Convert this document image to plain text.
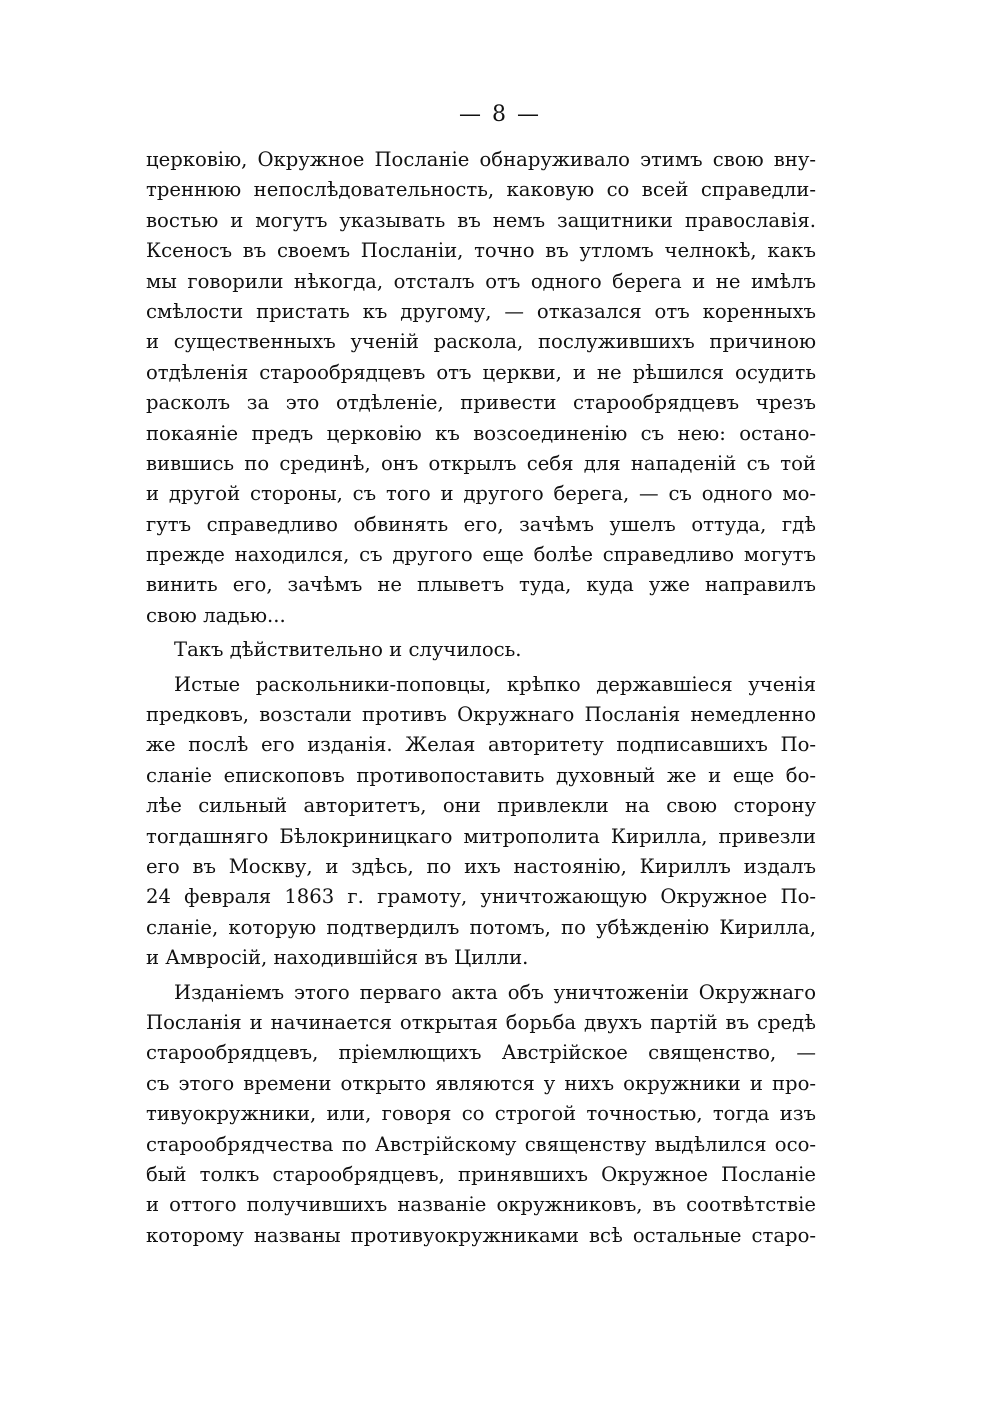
— 8 —
церковію, Окружное Посланіе обнаруживало этимъ свою вну-
треннюю непослѣдовательность, каковую со всей справедли-
востью и могутъ указывать въ немъ защитники православія.
Ксеносъ въ своемъ Посланіи, точно въ утломъ челнокѣ, какъ
мы говорили нѣкогда, отсталъ отъ одного берега и не имѣлъ
смѣлости пристать къ другому, — отказался отъ коренныхъ
и существенныхъ ученій раскола, послужившихъ причиною
отдѣленія старообрядцевъ отъ церкви, и не рѣшился осудить
расколъ за это отдѣленіе, привести старообрядцевъ чрезъ
покаяніе предъ церковію къ возсоединенію съ нею: остано-
вившись по срединѣ, онъ открылъ себя для нападеній съ той
и другой стороны, съ того и другого берега, — съ одного мо-
гутъ справедливо обвинять его, зачѣмъ ушелъ оттуда, гдѣ
прежде находился, съ другого еще болѣе справедливо могутъ
винить его, зачѣмъ не плыветъ туда, куда уже направилъ
свою ладью...
Такъ дѣйствительно и случилось.
Истые раскольники-поповцы, крѣпко державшіеся ученія
предковъ, возстали противъ Окружнаго Посланія немедленно
же послѣ его изданія. Желая авторитету подписавшихъ По-
сланіе епископовъ противопоставить духовный же и еще бо-
лѣе сильный авторитетъ, они привлекли на свою сторону
тогдашняго Бѣлокриницкаго митрополита Кирилла, привезли
его въ Москву, и здѣсь, по ихъ настоянію, Кириллъ издалъ
24 февраля 1863 г. грамоту, уничтожающую Окружное По-
сланіе, которую подтвердилъ потомъ, по убѣжденію Кирилла,
и Амвросій, находившійся въ Цилли.
Изданіемъ этого перваго акта объ уничтоженіи Окружнаго
Посланія и начинается открытая борьба двухъ партій въ средѣ
старообрядцевъ, пріемлющихъ Австрійское священство, —
съ этого времени открыто являются у нихъ окружники и про-
тивуокружники, или, говоря со строгой точностью, тогда изъ
старообрядчества по Австрійскому священству выдѣлился осо-
бый толкъ старообрядцевъ, принявшихъ Окружное Посланіе
и оттого получившихъ названіе окружниковъ, въ соотвѣтствіе
которому названы противуокружниками всѣ остальные старо-
